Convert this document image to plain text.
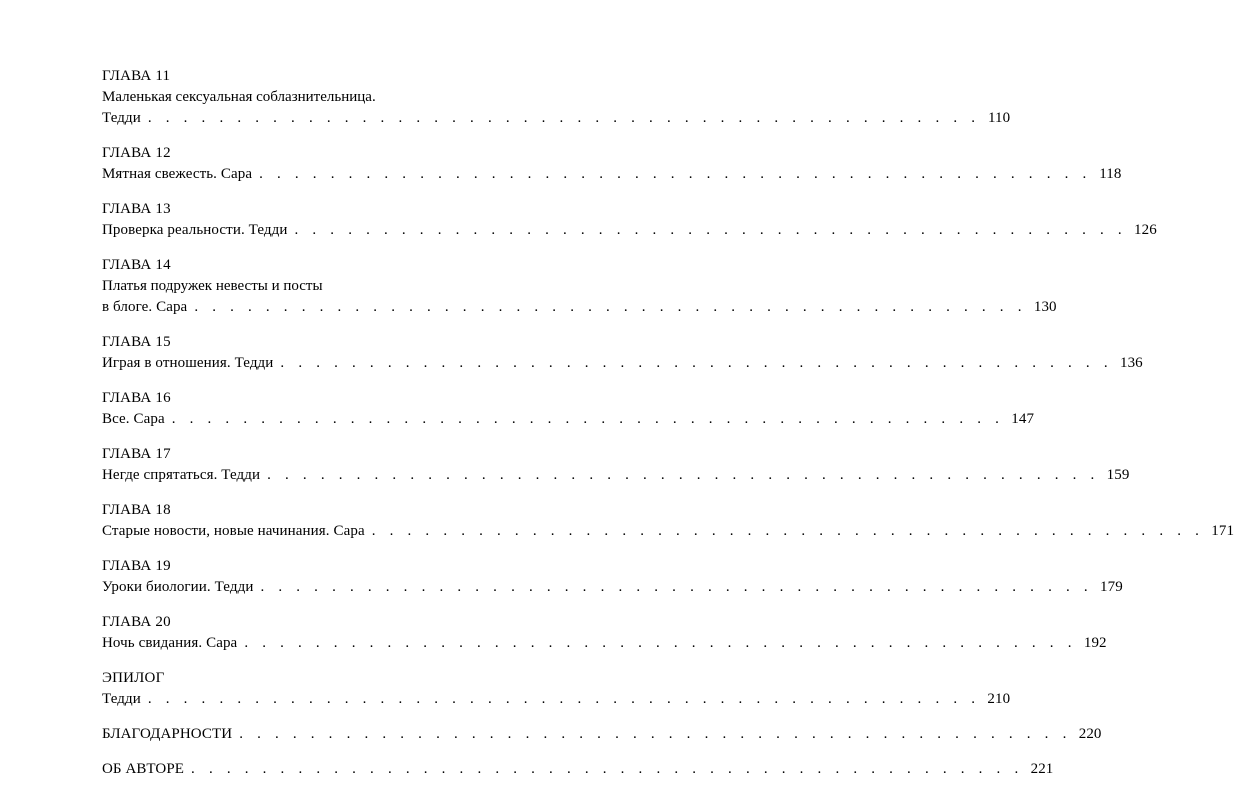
ГЛАВА 11
Маленькая сексуальная соблазнительница.
Тедди . . . . . . . . . . . . . . . . . . . . . . . . . . . . . . . . . . . . . . . . . . . . . . . 110
ГЛАВА 12
Мятная свежесть. Сара . . . . . . . . . . . . . . . . . . . . . . . . . . . . . . . . . . . . . . . . . . . . . . . 118
ГЛАВА 13
Проверка реальности. Тедди . . . . . . . . . . . . . . . . . . . . . . . . . . . . . . . . . . . . . . . . . . . . . . . 126
ГЛАВА 14
Платья подружек невесты и посты
в блоге. Сара . . . . . . . . . . . . . . . . . . . . . . . . . . . . . . . . . . . . . . . . . . . . . . . 130
ГЛАВА 15
Играя в отношения. Тедди . . . . . . . . . . . . . . . . . . . . . . . . . . . . . . . . . . . . . . . . . . . . . . . 136
ГЛАВА 16
Все. Сара . . . . . . . . . . . . . . . . . . . . . . . . . . . . . . . . . . . . . . . . . . . . . . . 147
ГЛАВА 17
Негде спрятаться. Тедди . . . . . . . . . . . . . . . . . . . . . . . . . . . . . . . . . . . . . . . . . . . . . . . 159
ГЛАВА 18
Старые новости, новые начинания. Сара . . . . . . . . . . . . . . . . . . . . . . . . . . . . . . . . . . . . . . . . . . . . . . . 171
ГЛАВА 19
Уроки биологии. Тедди . . . . . . . . . . . . . . . . . . . . . . . . . . . . . . . . . . . . . . . . . . . . . . . 179
ГЛАВА 20
Ночь свидания. Сара . . . . . . . . . . . . . . . . . . . . . . . . . . . . . . . . . . . . . . . . . . . . . . . 192
ЭПИЛОГ
Тедди . . . . . . . . . . . . . . . . . . . . . . . . . . . . . . . . . . . . . . . . . . . . . . . 210
БЛАГОДАРНОСТИ . . . . . . . . . . . . . . . . . . . . . . . . . . . . . . . . . . . . . . . . . . . . . . . 220
ОБ АВТОРЕ . . . . . . . . . . . . . . . . . . . . . . . . . . . . . . . . . . . . . . . . . . . . . . . 221
